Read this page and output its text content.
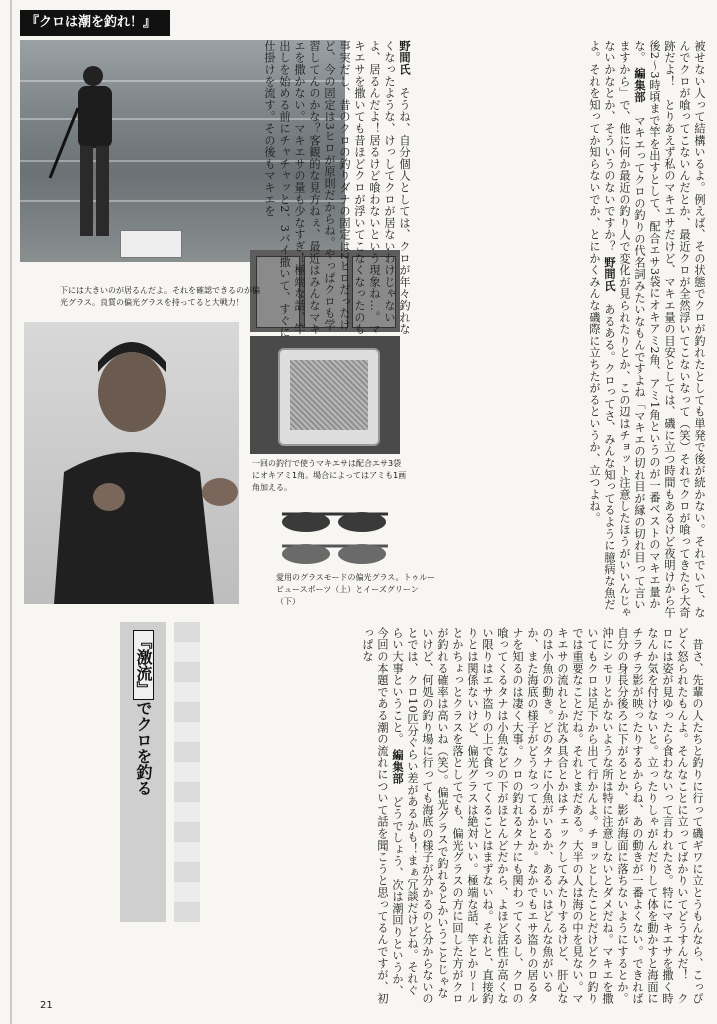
『クロは潮を釣れ！』
下には大きいのが居るんだよ。それを確認できるのが偏光グラス。良質の偏光グラスを持ってると大戦力！
一回の釣行で使うマキエサは配合エサ3袋にオキアミ1角。場合によってはアミも1画角加える。
愛用のグラスモードの偏光グラス。トゥルービュースポーツ（上）とイーズグリーン（下）
野間氏　そうね、自分個人としては、クロが年々釣れなくなったような、けっしてクロが居ないわけじゃないよ、居るんだよ！居るけど喰わないという現象ね…。マキエサを撒いても昔ほどクロが浮いてこなくなったのも事実だし、昔のクロの釣りダナの固定は2ヒロだったけど、今の固定は3ヒロが原則だからね。やっぱクロも学習してんのかな？客観的な見方ねぇ、最近はみんなマキエを撒かない。マキエサの量も少なすぎ！極端な話、竿出しを始める前にチャチャッと2、3バイ撒いて、すぐに仕掛けを流す。その後もマキエを	被せない人って結構いるよ。例えば、その状態でクロが釣れたとしても単発で後が続かない。それでいて、なんでクロが喰ってこないんだとか、最近クロが全然浮いてこないなって（笑）それでクロが喰ってきたら大奇跡だよ！　とりあえず私のマキエサだけど、マキエ量の目安としては、磯に立つ時間もあるけど夜明けから午後2〜3時頃まで竿を出すとして、配合エサ3袋にオキアミ2角、アミ1角というのが一番ベストのマキエ量かな。 編集部　マキエってクロの釣りの代名詞みたいなもんですよね「マキエの切れ目が縁の切れ目って言いますから」で、他に何か最近の釣り人で変化が見られたりとか、この辺はチョット注意したほうがいいんじゃないかなとか、そういうのないですか？ 野間氏　あるある。クロってさ、みんな知ってるように臆病な魚だよ。それを知ってか知らないでか、とにかくみんな磯際に立ちたがるというか、立つよね。
　昔さ、先輩の人たちと釣りに行って磯ギワに立とうもんなら、こっぴどく怒られたもんよ。そんなことに立ってばかりいてどうすんだ！　クロには姿が見ゆったら食わないって言われたさ。特にマキエサを撒く時なんか気を付けないと。立ったりしゃがんだりして体を動かすと海面にチラチラ影が映ったりするからね、あの動きが一番よくない。できれば自分の身長分後ろに下がるとか、影が海面に落ちないようにするとか。沖にシモリとかないような所は特に注意しないとダメだね。マキエを撒いてもクロは足下から出て行かんよ。チョッとしたことだけどクロ釣りでは重要なことだね。それとまだある。大半の人は海の中を見ない。マキエサの流れとか沈み具合とかはチェックしてみたりするけど、肝心なのは小魚の動き。どのタナに小魚がいるか、あるいはどんな魚がいるか、また海底の様子がどうなってるかとか。なかでもエサ盗りの居るタナを知るのは凄く大事。クロの釣れるタナにも関わってくるし、クロの喰ってくるタナは小魚などの下がほとんどだから、よほど活性が高くない限りはエサ盗りの上で食ってくることはまずないね。それと、直接釣りとは関係ないけど、偏光グラスは絶対いい。極端な話、竿とかリールとかちょっとクラスを落としてでも、偏光グラスの方に回した方がクロが釣れる確率は高いね（笑）。偏光グラスで釣れるとかいうことじゃないけど、何処の釣り場に行っても海底の様子が分かるのと分からないのとでは、クロ10匹分ぐらい差があるかも！まぁ冗談だけどね。それぐらい大事ということ。 編集部　どうでしょう、次は潮回りというか、今回の本題である潮の流れについて話を聞こうと思ってるんですが、初っぱな
『激流』でクロを釣る
21
